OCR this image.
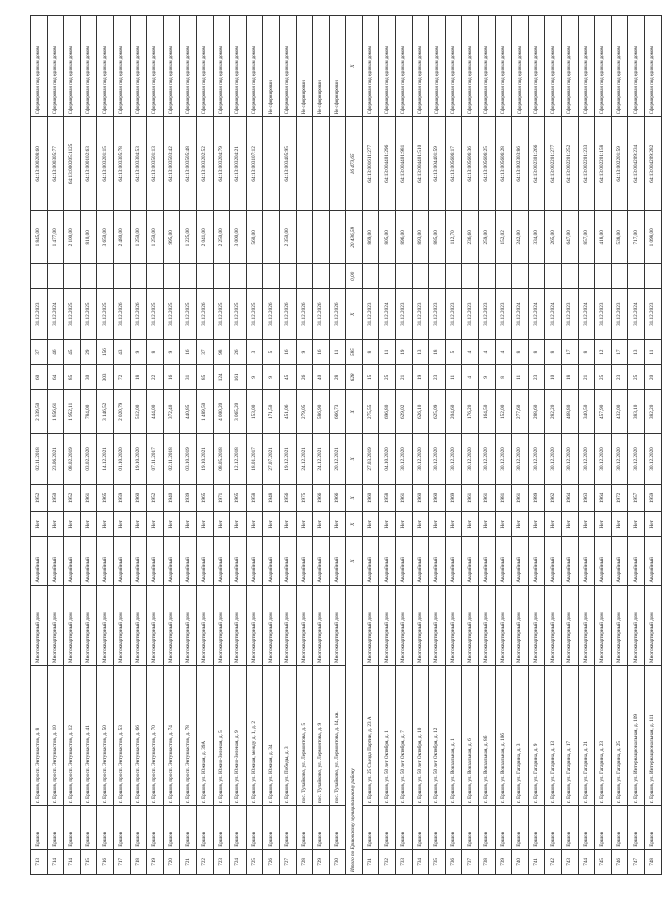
713	Ершов	г. Ершов, просп. Энтузиастов, д. 8	Многоквартирный дом	Аварийный	Нет	1952	02.11.2018	2 339,50	60	37	31.12.2023		1 845,00	64:13:000208:60	Сформирован под единым домом
714	Ершов	г. Ершов, просп. Энтузиастов, д. 10	Многоквартирный дом	Аварийный	Нет	1950	23.06.2021	1 856,61	64	46	31.12.2024		1 477,00	64:13:000305:77	Сформирован под единым домом
714	Ершов	г. Ершов, просп. Энтузиастов, д. 12	Многоквартирный дом	Аварийный	Нет	1952	08.02.2019	1 952,11	85	45	31.12.2025		2 100,00	64:13:000205:1125	Сформирован под единым домом
715	Ершов	г. Ершов, просп. Энтузиастов, д. 41	Многоквартирный дом	Аварийный	Нет	1961	03.02.2020	784,00	30	29	31.12.2025		810,00	64:13:000102:63	Сформирован под единым домом
716	Ершов	г. Ершов, просп. Энтузиастов, д. 50	Многоквартирный дом	Аварийный	Нет	1965	14.12.2021	3 146,52	303	156	31.12.2025		3 650,00	64:13:003201:15	Сформирован под единым домом
717	Ершов	г. Ершов, просп. Энтузиастов, д. 53	Многоквартирный дом	Аварийный	Нет	1959	01.10.2020	2 020,79	72	43	31.12.2026		2 480,00	64:13:003305:78	Сформирован под единым домом
718	Ершов	г. Ершов, просп. Энтузиастов, д. 66	Многоквартирный дом	Аварийный	Нет	1960	19.10.2020	512,00	18	9	31.12.2026		1 250,00	64:13:003304:53	Сформирован под единым домом
719	Ершов	г. Ершов, просп. Энтузиастов, д. 70	Многоквартирный дом	Аварийный	Нет	1952	07.11.2017	444,00	22	8	31.12.2025		1 250,00	64:13:003501:13	Сформирован под единым домом
720	Ершов	г. Ершов, просп. Энтузиастов, д. 74	Многоквартирный дом	Аварийный	Нет	1940	02.11.2018	372,40	16	9	31.12.2025		995,00	64:13:003503:42	Сформирован под единым домом
721	Ершов	г. Ершов, просп. Энтузиастов, д. 78	Многоквартирный дом	Аварийный	Нет	1939	03.10.2019	440,85	31	16	31.12.2025		1 225,00	64:13:003505:48	Сформирован под единым домом
722	Ершов	г. Ершов, ул. Южная, д. 39А	Многоквартирный дом	Аварийный	Нет	1965	19.10.2021	1 489,50	85	37	31.12.2026		2 041,00	64:13:003202:52	Сформирован под единым домом
723	Ершов	г. Ершов, ул. Южно-Зеленая, д. 5	Многоквартирный дом	Аварийный	Нет	1971	08.05.2018	4 000,20	124	98	31.12.2025		2 250,00	64:13:003204:79	Сформирован под единым домом
724	Ершов	г. Ершов, ул. Южно-Зеленая, д. 9	Многоквартирный дом	Аварийный	Нет	1965	12.12.2018	3 065,20	161	26	31.12.2025		3 000,00	64:13:003204:21	Сформирован под единым домом
725	Ершов	г. Ершов, ул. Южная, между д. 1, д. 2	Многоквартирный дом	Аварийный	Нет	1958	18.01.2017	153,00	9	3	31.12.2025		560,00	64:13:003107:12	Сформирован под единым домом
726	Ершов	г. Ершов, ул. Южная, д. 34	Многоквартирный дом	Аварийный	Нет	1948	27.07.2021	171,50	9	5	31.12.2026				Не сформирован
727	Ершов	г. Ершов, ул. Победы, д. 3	Многоквартирный дом	Аварийный	Нет	1956	19.12.2021	451,06	45	16	31.12.2026		2 350,00	64:13:003405:95	Сформирован под единым домом
728	Ершов	пос. Тулайково, ул. Лермонтова, д. 5	Многоквартирный дом	Аварийный	Нет	1975	24.12.2021	279,05	26	9	31.12.2026				Не сформирован
729	Ершов	пос. Тулайково, ул. Лермонтова, д. 9	Многоквартирный дом	Аварийный	Нет	1966	24.12.2021	586,90	40	16	31.12.2026				Не сформирован
730	Ершов	пос. Тулайково, ул. Лермонтова, д. 14, кв.	Многоквартирный дом	Аварийный	Нет	1966	20.12.2021	666,73	28	11	31.12.2026				Не сформирован
Итого по Ершовскому муниципальному району				Х	Х	Х	Х	Х	628	585	Х	0,00	20 436,58	16 473,65	Х
731	Ершов	г. Ершов, ул. 25 Съезда Партии, д. 23 А	Многоквартирный дом	Аварийный	Нет	1960	27.03.2019	275,55	15	8	31.12.2023		869,00	64:13:001611:277	Сформирован под единым домом
732	Ершов	г. Ершов, ул. 50 лет Октября, д. 1	Многоквартирный дом	Аварийный	Нет	1958	04.10.2020	696,80	25	11	31.12.2024		805,00	64:13:004401:296	Сформирован под единым домом
733	Ершов	г. Ершов, ул. 50 лет Октября, д. 7	Многоквартирный дом	Аварийный	Нет	1961	30.12.2020	629,02	21	19	31.12.2023		896,00	64:13:004401:981	Сформирован под единым домом
734	Ершов	г. Ершов, ул. 50 лет Октября, д. 10	Многоквартирный дом	Аварийный	Нет	1960	30.12.2020	626,10	19	13	31.12.2023		893,00	64:13:004401:510	Сформирован под единым домом
735	Ершов	г. Ершов, ул. 50 лет Октября, д. 12	Многоквартирный дом	Аварийный	Нет	1960	30.12.2020	625,09	23	18	31.12.2023		885,00	64:13:004401:59	Сформирован под единым домом
736	Ершов	г. Ершов, ул. Вокзальная, д. 1	Многоквартирный дом	Аварийный	Нет	1969	30.12.2020	204,60	11	5	31.12.2023		112,70	64:13:005606:17	Сформирован под единым домом
737	Ершов	г. Ершов, ул. Вокзальная, д. 6	Многоквартирный дом	Аварийный	Нет	1961	30.12.2020	176,20	4	4	31.12.2023		236,60	64:13:005606:36	Сформирован под единым домом
738	Ершов	г. Ершов, ул. Вокзальная, д. 8б	Многоквартирный дом	Аварийный	Нет	1961	30.12.2020	164,50	9	4	31.12.2023		259,00	64:13:005606:25	Сформирован под единым домом
739	Ершов	г. Ершов, ул. Вокзальная, д. 10б	Многоквартирный дом	Аварийный	Нет	1981	30.12.2020	152,00	8	4	31.12.2023		152,02	64:13:005606:28	Сформирован под единым домом
740	Ершов	г. Ершов, ул. Гагарина, д. 3	Многоквартирный дом	Аварийный	Нет	1961	30.12.2020	277,60	11	8	31.12.2024		242,00	64:13:002303:86	Сформирован под единым домом
741	Ершов	г. Ершов, ул. Гагарина, д. 9	Многоквартирный дом	Аварийный	Нет	1989	30.12.2020	288,60	23	8	31.12.2024		334,00	64:13:002301:266	Сформирован под единым домом
742	Ершов	г. Ершов, ул. Гагарина, д. 13	Многоквартирный дом	Аварийный	Нет	1962	30.12.2020	282,20	10	8	31.12.2024		265,00	64:13:002201:277	Сформирован под единым домом
743	Ершов	г. Ершов, ул. Гагарина, д. 17	Многоквартирный дом	Аварийный	Нет	1964	30.12.2020	468,80	18	17	31.12.2023		647,00	64:13:002201:252	Сформирован под единым домом
744	Ершов	г. Ершов, ул. Гагарина, д. 21	Многоквартирный дом	Аварийный	Нет	1963	30.12.2020	340,50	21	8	31.12.2024		857,00	64:13:002201:233	Сформирован под единым домом
745	Ершов	г. Ершов, ул. Гагарина, д. 23	Многоквартирный дом	Аварийный	Нет	1964	30.12.2020	457,90	25	12	31.12.2023		418,00	64:13:002201:158	Сформирован под единым домом
746	Ершов	г. Ершов, ул. Гагарина, д. 25	Многоквартирный дом	Аварийный	Нет	1972	30.12.2020	432,00	23	17	31.12.2023		538,00	64:13:002201:59	Сформирован под единым домом
747	Ершов	г. Ершов, ул. Интернациональная, д. 109	Многоквартирный дом	Аварийный	Нет	1957	30.12.2020	383,10	25	13	31.12.2024		717,00	64:13:004209:234	Сформирован под единым домом
748	Ершов	г. Ершов, ул. Интернациональная, д. 111	Многоквартирный дом	Аварийный	Нет	1959	30.12.2020	382,20	20	11	31.12.2023		1 098,00	64:13:004209:282	Сформирован под единым домом
